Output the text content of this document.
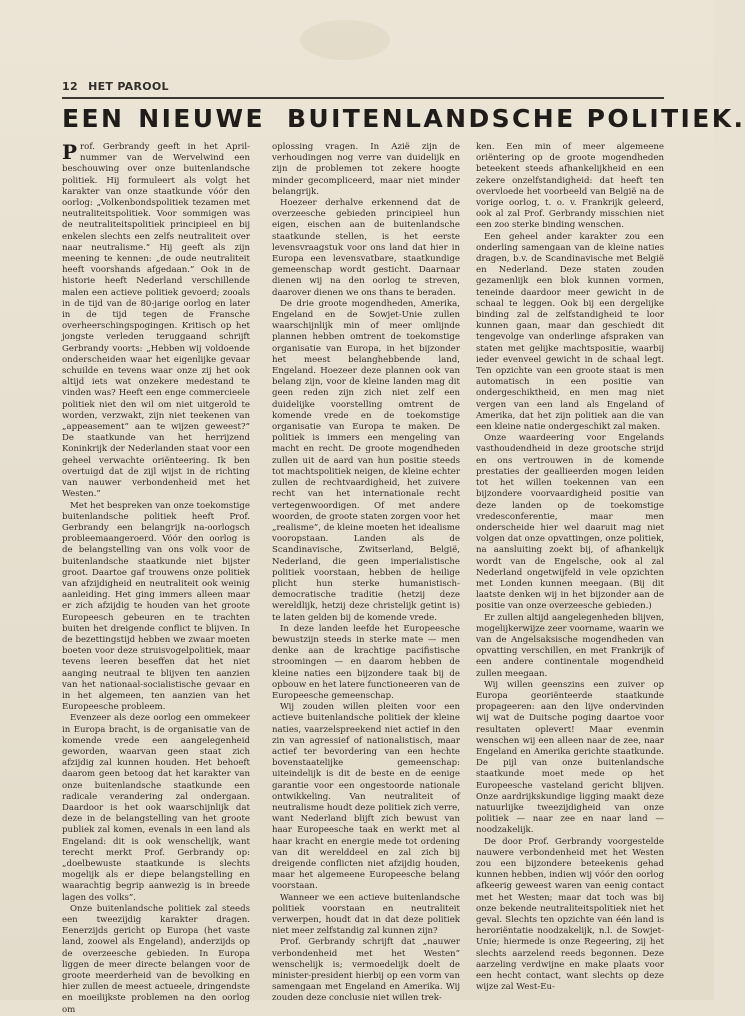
12 HET PAROOL
EEN NIEUWE BUITENLANDSCHE POLITIEK.

Prof. Gerbrandy geeft in het April-nummer van de Wervelwind een beschouwing over onze buitenlandsche politiek. Hij formuleert als volgt het karakter van onze staatkunde vóór den oorlog: „Volkenbondspolitiek tezamen met neutraliteitspolitiek. Voor sommigen was de neutraliteitspolitiek principieel en bij enkelen slechts een zelfs neutraliteit over naar neutralisme.” Hij geeft als zijn meening te kennen: „de oude neutraliteit heeft voorshands afgedaan.” Ook in de historie heeft Nederland verschillende malen een actieve politiek gevoerd; zooals in de tijd van de 80-jarige oorlog en later in de tijd tegen de Fransche overheerschingspogingen. Kritisch op het jongste verleden teruggaand schrijft Gerbrandy voorts: „Hebben wij voldoende onderscheiden waar het eigenlijke gevaar schuilde en tevens waar onze zij het ook altijd iets wat onzekere medestand te vinden was? Heeft een enge commercieele politiek niet den wil om niet uitgerold te worden, verzwakt, zijn niet teekenen van „appeasement” aan te wijzen geweest?” De staatkunde van het herrijzend Koninkrijk der Nederlanden staat voor een geheel verwachte oriënteering. Ik ben overtuigd dat de zijl wijst in de richting van nauwer verbondenheid met het Westen.”

Met het bespreken van onze toekomstige buitenlandsche politiek heeft Prof. Gerbrandy een belangrijk na-oorlogsch probleemaangeroerd. Vóór den oorlog is de belangstelling van ons volk voor de buitenlandsche staatkunde niet bijster groot. Daartoe gaf trouwens onze politiek van afzijdigheid en neutraliteit ook weinig aanleiding. Het ging immers alleen maar er zich afzijdig te houden van het groote Europeesch gebeuren en te trachten buiten het dreigende conflict te blijven. In de bezettingstijd hebben we zwaar moeten boeten voor deze struisvogelpolitiek, maar tevens leeren beseffen dat het niet aanging neutraal te blijven ten aanzien van het nationaal-socialistische gevaar en in het algemeen, ten aanzien van het Europeesche probleem.

Evenzeer als deze oorlog een ommekeer in Europa bracht, is de organisatie van de komende vrede een aangelegenheid geworden, waarvan geen staat zich afzijdig zal kunnen houden. Het behoeft daarom geen betoog dat het karakter van onze buitenlandsche staatkunde een radicale verandering zal ondergaan. Daardoor is het ook waarschijnlijk dat deze in de belangstelling van het groote publiek zal komen, evenals in een land als Engeland: dit is ook wenschelijk, want terecht merkt Prof. Gerbrandy op: „doelbewuste staatkunde is slechts mogelijk als er diepe belangstelling en waarachtig begrip aanwezig is in breede lagen des volks”.

Onze buitenlandsche politiek zal steeds een tweezijdig karakter dragen. Eenerzijds gericht op Europa (het vaste land, zoowel als Engeland), anderzijds op de overzeesche gebieden. In Europa liggen de meer directe belangen voor de groote meerderheid van de bevolking en hier zullen de meest actueele, dringendste en moeilijkste problemen na den oorlog om

oplossing vragen. In Azië zijn de verhoudingen nog verre van duidelijk en zijn de problemen tot zekere hoogte minder gecompliceerd, maar niet minder belangrijk.

Hoezeer derhalve erkennend dat de overzeesche gebieden principieel hun eigen, eischen aan de buitenlandsche staatkunde stellen, is het eerste levensvraagstuk voor ons land dat hier in Europa een levensvatbare, staatkundige gemeenschap wordt gesticht. Daarnaar dienen wij na den oorlog te streven, daarover dienen we ons thans te beraden.

De drie groote mogendheden, Amerika, Engeland en de Sowjet-Unie zullen waarschijnlijk min of meer omlijnde plannen hebben omtrent de toekomstige organisatie van Europa, in het bijzonder het meest belanghebbende land, Engeland. Hoezeer deze plannen ook van belang zijn, voor de kleine landen mag dit geen reden zijn zich niet zelf een duidelijke voorstelling omtrent de komende vrede en de toekomstige organisatie van Europa te maken. De politiek is immers een mengeling van macht en recht. De groote mogendheden zullen uit de aard van hun positie steeds tot machtspolitiek neigen, de kleine echter zullen de rechtvaardigheid, het zuivere recht van het internationale recht vertegenwoordigen. Of met andere woorden, de groote staten zorgen voor het „realisme”, de kleine moeten het idealisme vooropstaan. Landen als de Scandinavische, Zwitserland, België, Nederland, die geen imperialistische politiek voorstaan, hebben de heilige plicht hun sterke humanistisch-democratische traditie (hetzij deze wereldlijk, hetzij deze christelijk getint is) te laten gelden bij de komende vrede.

In deze landen leefde het Europeesche bewustzijn steeds in sterke mate — men denke aan de krachtige pacifistische stroomingen — en daarom hebben de kleine naties een bijzondere taak bij de opbouw en het latere functioneeren van de Europeesche gemeenschap.

Wij zouden willen pleiten voor een actieve buitenlandsche politiek der kleine naties, vaarzelspreekend niet actief in den zin van agressief of nationalistisch, maar actief ter bevordering van een hechte bovenstaatelijke gemeenschap: uiteindelijk is dit de beste en de eenige garantie voor een ongestoorde nationale ontwikkeling. Van neutraliteit of neutralisme houdt deze politiek zich verre, want Nederland blijft zich bewust van haar Europeesche taak en werkt met al haar kracht en energie mede tot ordening van dit werelddeel en zal zich bij dreigende conflicten niet afzijdig houden, maar het algemeene Europeesche belang voorstaan.

Wanneer we een actieve buitenlandsche politiek voorstaan en neutraliteit verwerpen, houdt dat in dat deze politiek niet meer zelfstandig zal kunnen zijn?

Prof. Gerbrandy schrijft dat „nauwer verbondenheid met het Westen” wenschelijk is; vermoedelijk doelt de minister-president hierbij op een vorm van samengaan met Engeland en Amerika. Wij zouden deze conclusie niet willen trek-

ken. Een min of meer algemeene oriëntering op de groote mogendheden beteekent steeds afhankelijkheid en een zekere onzelfstandigheid: dat heeft ten overvloede het voorbeeld van België na de vorige oorlog, t. o. v. Frankrijk geleerd, ook al zal Prof. Gerbrandy misschien niet een zoo sterke binding wenschen.

Een geheel ander karakter zou een onderling samengaan van de kleine naties dragen, b.v. de Scandinavische met België en Nederland. Deze staten zouden gezamenlijk een blok kunnen vormen, teneinde daardoor meer gewicht in de schaal te leggen. Ook bij een dergelijke binding zal de zelfstandigheid te loor kunnen gaan, maar dan geschiedt dit tengevolge van onderlinge afspraken van staten met gelijke machtspositie, waarbij ieder evenveel gewicht in de schaal legt. Ten opzichte van een groote staat is men automatisch in een positie van ondergeschiktheid, en men mag niet vergen van een land als Engeland of Amerika, dat het zijn politiek aan die van een kleine natie ondergeschikt zal maken.

Onze waardeering voor Engelands vasthoudendheid in deze grootsche strijd en ons vertrouwen in de komende prestaties der geallieerden mogen leiden tot het willen toekennen van een bijzondere voorvaardigheid positie van deze landen op de toekomstige vredesconferentie, maar men onderscheide hier wel daaruit mag niet volgen dat onze opvattingen, onze politiek, na aansluiting zoekt bij, of afhankelijk wordt van de Engelsche, ook al zal Nederland ongetwijfeld in vele opzichten met Londen kunnen meegaan. (Bij dit laatste denken wij in het bijzonder aan de positie van onze overzeesche gebieden.)

Er zullen altijd aangelegenheden blijven, mogelijkerwijze zeer voorname, waarin we van de Angelsaksische mogendheden van opvatting verschillen, en met Frankrijk of een andere continentale mogendheid zullen meegaan.

Wij willen geenszins een zuiver op Europa georiënteerde staatkunde propageeren: aan den lijve ondervinden wij wat de Duitsche poging daartoe voor resultaten oplevert! Maar evenmin wenschen wij een alleen naar de zee, naar Engeland en Amerika gerichte staatkunde. De pijl van onze buitenlandsche staatkunde moet mede op het Europeesche vasteland gericht blijven. Onze aardrijkskundige ligging maakt deze natuurlijke tweezijdigheid van onze politiek — naar zee en naar land — noodzakelijk.

De door Prof. Gerbrandy voorgestelde nauwere verbondenheid met het Westen zou een bijzondere beteekenis gehad kunnen hebben, indien wij vóór den oorlog afkeerig geweest waren van eenig contact met het Westen; maar dat toch was bij onze bekende neutraliteitspolitiek niet het geval. Slechts ten opzichte van één land is heroriëntatie noodzakelijk, n.l. de Sowjet-Unie; hiermede is onze Regeering, zij het slechts aarzelend reeds begonnen. Deze aarzeling verdwijne en make plaats voor een hecht contact, want slechts op deze wijze zal West-Eu-
